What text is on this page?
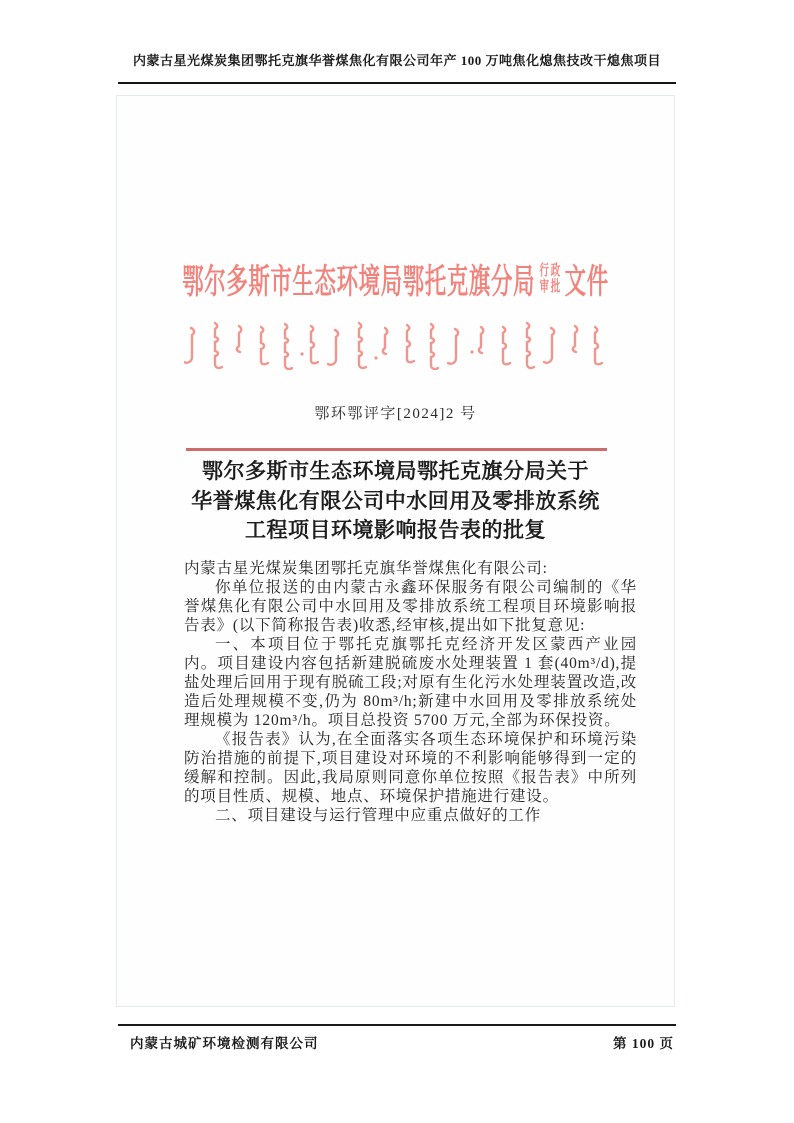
内蒙古星光煤炭集团鄂托克旗华誉煤焦化有限公司年产 100 万吨焦化熄焦技改干熄焦项目
鄂尔多斯市生态环境局鄂托克旗分局 行 政
审 批 文件
鄂环鄂评字[2024]2 号
鄂尔多斯市生态环境局鄂托克旗分局关于
华誉煤焦化有限公司中水回用及零排放系统
工程项目环境影响报告表的批复

内蒙古星光煤炭集团鄂托克旗华誉煤焦化有限公司:

你单位报送的由内蒙古永鑫环保服务有限公司编制的《华誉煤焦化有限公司中水回用及零排放系统工程项目环境影响报告表》(以下简称报告表)收悉,经审核,提出如下批复意见:

一、本项目位于鄂托克旗鄂托克经济开发区蒙西产业园内。项目建设内容包括新建脱硫废水处理装置 1 套(40m³/d),提盐处理后回用于现有脱硫工段;对原有生化污水处理装置改造,改造后处理规模不变,仍为 80m³/h;新建中水回用及零排放系统处理规模为 120m³/h。项目总投资 5700 万元,全部为环保投资。

《报告表》认为,在全面落实各项生态环境保护和环境污染防治措施的前提下,项目建设对环境的不利影响能够得到一定的缓解和控制。因此,我局原则同意你单位按照《报告表》中所列的项目性质、规模、地点、环境保护措施进行建设。

二、项目建设与运行管理中应重点做好的工作

内蒙古城矿环境检测有限公司	第 100 页
